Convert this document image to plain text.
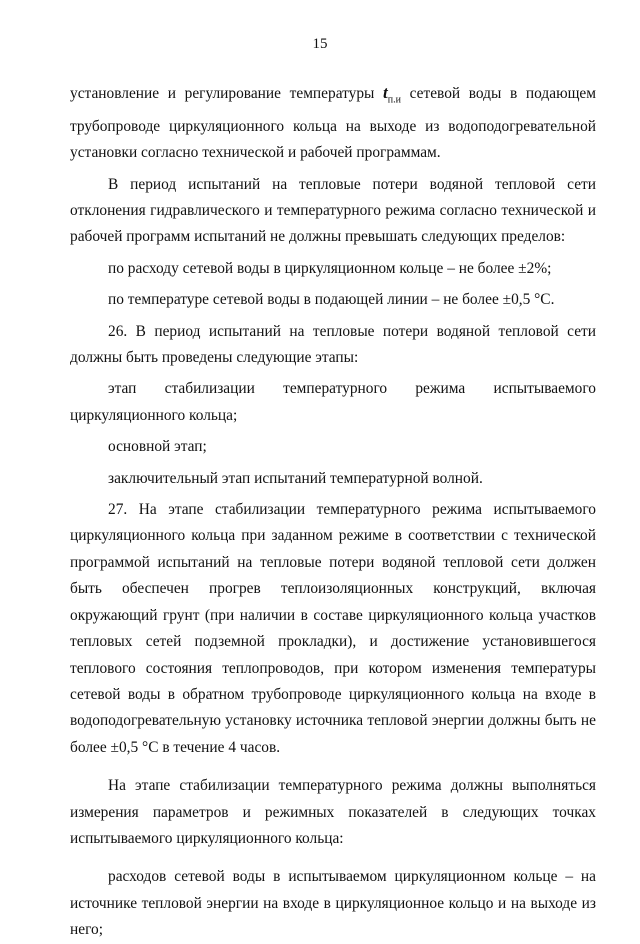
15

установление и регулирование температуры $t_{п.и}$ сетевой воды в подающем трубопроводе циркуляционного кольца на выходе из водоподогревательной установки согласно технической и рабочей программам.

В период испытаний на тепловые потери водяной тепловой сети отклонения гидравлического и температурного режима согласно технической и рабочей программ испытаний не должны превышать следующих пределов:

по расходу сетевой воды в циркуляционном кольце – не более ±2%;

по температуре сетевой воды в подающей линии – не более ±0,5 °С.

26. В период испытаний на тепловые потери водяной тепловой сети должны быть проведены следующие этапы:

этап стабилизации температурного режима испытываемого циркуляционного кольца;

основной этап;

заключительный этап испытаний температурной волной.

27. На этапе стабилизации температурного режима испытываемого циркуляционного кольца при заданном режиме в соответствии с технической программой испытаний на тепловые потери водяной тепловой сети должен быть обеспечен прогрев теплоизоляционных конструкций, включая окружающий грунт (при наличии в составе циркуляционного кольца участков тепловых сетей подземной прокладки), и достижение установившегося теплового состояния теплопроводов, при котором изменения температуры сетевой воды в обратном трубопроводе циркуляционного кольца на входе в водоподогревательную установку источника тепловой энергии должны быть не более ±0,5 °С в течение 4 часов.

На этапе стабилизации температурного режима должны выполняться измерения параметров и режимных показателей в следующих точках испытываемого циркуляционного кольца:

расходов сетевой воды в испытываемом циркуляционном кольце – на источнике тепловой энергии на входе в циркуляционное кольцо и на выходе из него;
